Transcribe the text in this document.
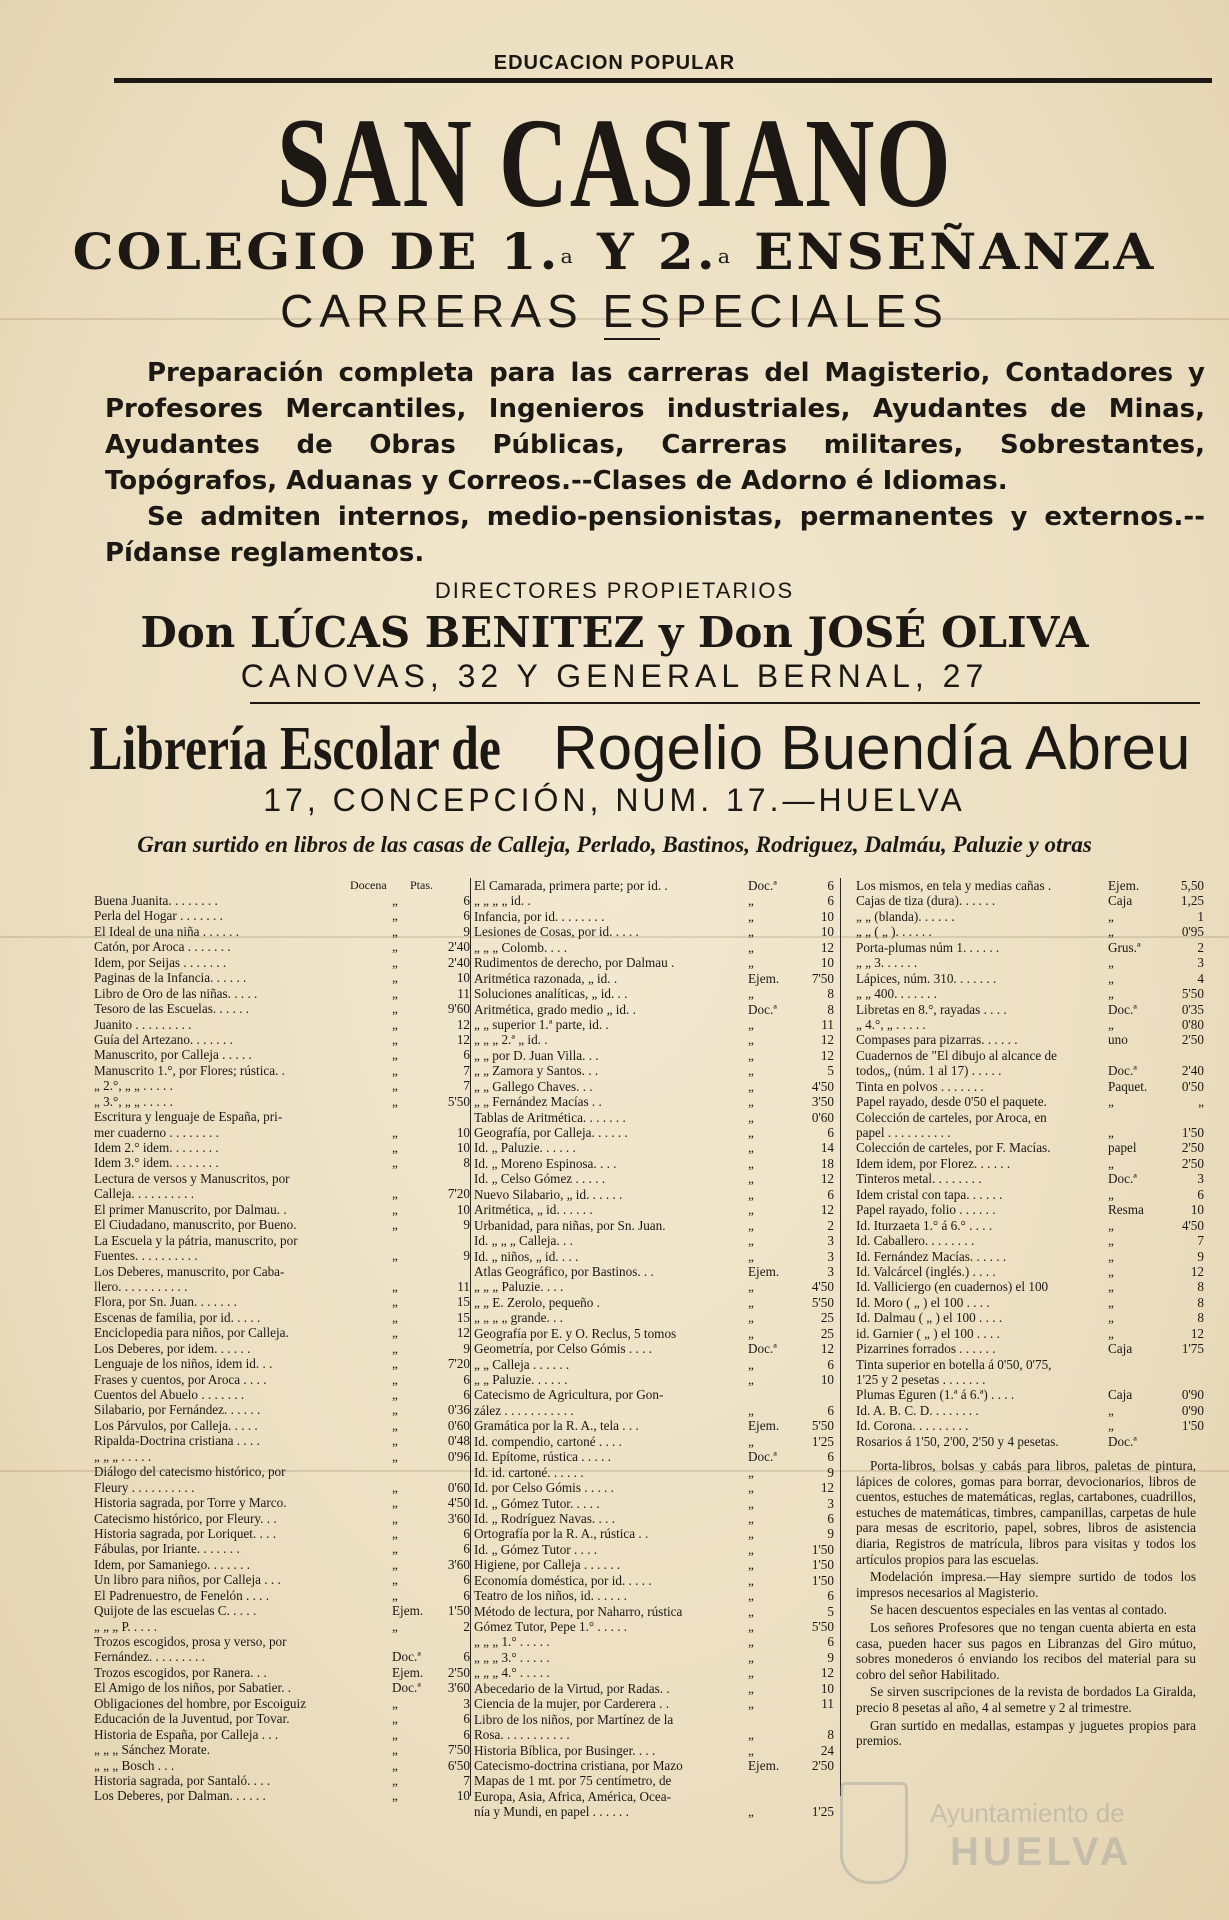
EDUCACION POPULAR
SAN CASIANO
COLEGIO DE 1.$^a$ Y 2.$^a$ ENSEÑANZA
CARRERAS ESPECIALES

Preparación completa para las carreras del Magisterio, Contadores y Profesores Mercantiles, Ingenieros industriales, Ayudantes de Minas, Ayudantes de Obras Públicas, Carreras militares, Sobrestantes, Topógrafos, Aduanas y Correos.--Clases de Adorno é Idiomas.

Se admiten internos, medio-pensionistas, permanentes y externos.--Pídanse reglamentos.

DIRECTORES PROPIETARIOS
Don LÚCAS BENITEZ y Don JOSÉ OLIVA
CANOVAS, 32 Y GENERAL BERNAL, 27
Librería Escolar deRogelio Buendía Abreu
17, CONCEPCIÓN, NUM. 17.—HUELVA
Gran surtido en libros de las casas de Calleja, Perlado, Bastinos, Rodriguez, Dalmáu, Paluzie y otras
Docena Ptas.
Buena Juanita. . . . . . . .	„	6
Perla del Hogar . . . . . . .	„	6
El Ideal de una niña . . . . . .	„	9
Catón, por Aroca . . . . . . .	„	2'40
Idem, por Seijas . . . . . . .	„	2'40
Paginas de la Infancia. . . . . .	„	10
Libro de Oro de las niñas. . . . .	„	11
Tesoro de las Escuelas. . . . . .	„	9'60
Juanito . . . . . . . . .	„	12
Guía del Artezano. . . . . . .	„	12
Manuscrito, por Calleja . . . . .	„	6
Manuscrito 1.°, por Flores; rústica. .	„	7
„ 2.°, „ „ . . . . .	„	7
„ 3.°, „ „ . . . . .	„	5'50
Escritura y lenguaje de España, pri-
mer cuaderno . . . . . . . .	„	10
Idem 2.° idem. . . . . . . .	„	10
Idem 3.° idem. . . . . . . .	„	8
Lectura de versos y Manuscritos, por
Calleja. . . . . . . . . .	„	7'20
El primer Manuscrito, por Dalmau. .	„	10
El Ciudadano, manuscrito, por Bueno.	„	9
La Escuela y la pátria, manuscrito, por
Fuentes. . . . . . . . . .	„	9
Los Deberes, manuscrito, por Caba-
llero. . . . . . . . . . .	„	11
Flora, por Sn. Juan. . . . . . .	„	15
Escenas de familia, por id. . . . .	„	15
Enciclopedia para niños, por Calleja.	„	12
Los Deberes, por idem. . . . . .	„	9
Lenguaje de los niños, idem id. . .	„	7'20
Frases y cuentos, por Aroca . . . .	„	6
Cuentos del Abuelo . . . . . . .	„	6
Silabario, por Fernández. . . . . .	„	0'36
Los Párvulos, por Calleja. . . . .	„	0'60
Ripalda-Doctrina cristiana . . . .	„	0'48
„ „ „ . . . . .	„	0'96
Diálogo del catecismo histórico, por
Fleury . . . . . . . . . .	„	0'60
Historia sagrada, por Torre y Marco.	„	4'50
Catecismo histórico, por Fleury. . .	„	3'60
Historia sagrada, por Loriquet. . . .	„	6
Fábulas, por Iriante. . . . . . .	„	6
Idem, por Samaniego. . . . . . .	„	3'60
Un libro para niños, por Calleja . . .	„	6
El Padrenuestro, de Fenelón . . . .	„	6
Quijote de las escuelas C. . . . .	Ejem.	1'50
„ „ „ P. . . . .	„	2
Trozos escogidos, prosa y verso, por
Fernández. . . . . . . . .	Doc.ª	6
Trozos escogidos, por Ranera. . .	Ejem.	2'50
El Amigo de los niños, por Sabatier. .	Doc.ª	3'60
Obligaciones del hombre, por Escoiguiz	„	3
Educación de la Juventud, por Tovar.	„	6
Historia de España, por Calleja . . .	„	6
„ „ „ Sánchez Morate.	„	7'50
„ „ „ Bosch . . .	„	6'50
Historia sagrada, por Santaló. . . .	„	7
Los Deberes, por Dalman. . . . . .	„	10
El Camarada, primera parte; por id. .	Doc.ª	6
„ „ „ „ id. .	„	6
Infancia, por id. . . . . . . .	„	10
Lesiones de Cosas, por id. . . . .	„	10
„ „ „ Colomb. . . .	„	12
Rudimentos de derecho, por Dalmau .	„	10
Aritmética razonada, „ id. .	Ejem.	7'50
Soluciones analíticas, „ id. . .	„	8
Aritmética, grado medio „ id. .	Doc.ª	8
„ „ superior 1.ª parte, id. .	„	11
„ „ „ 2.ª „ id. .	„	12
„ „ por D. Juan Villa. . .	„	12
„ „ Zamora y Santos. . .	„	5
„ „ Gallego Chaves. . .	„	4'50
„ „ Fernández Macías . .	„	3'50
Tablas de Aritmética. . . . . . .	„	0'60
Geografía, por Calleja. . . . . .	„	6
Id. „ Paluzie. . . . . .	„	14
Id. „ Moreno Espinosa. . . .	„	18
Id. „ Celso Gómez . . . . .	„	12
Nuevo Silabario, „ id. . . . . .	„	6
Aritmética, „ id. . . . . .	„	12
Urbanidad, para niñas, por Sn. Juan.	„	2
Id. „ „ „ Calleja. . .	„	3
Id. „ niños, „ id. . . .	„	3
Atlas Geográfico, por Bastinos. . .	Ejem.	3
„ „ „ Paluzie. . . .	„	4'50
„ „ E. Zerolo, pequeño .	„	5'50
„ „ „ „ grande. . .	„	25
Geografía por E. y O. Reclus, 5 tomos	„	25
Geometría, por Celso Gómis . . . .	Doc.ª	12
„ „ Calleja . . . . . .	„	6
„ „ Paluzie. . . . . .	„	10
Catecismo de Agricultura, por Gon-
zález . . . . . . . . . . .	„	6
Gramática por la R. A., tela . . .	Ejem.	5'50
Id. compendio, cartoné . . . .	„	1'25
Id. Epítome, rústica . . . . .	Doc.ª	6
Id. id. cartoné. . . . . .	„	9
Id. por Celso Gómis . . . . .	„	12
Id. „ Gómez Tutor. . . . .	„	3
Id. „ Rodríguez Navas. . . .	„	6
Ortografía por la R. A., rústica . .	„	9
Id. „ Gómez Tutor . . . .	„	1'50
Higiene, por Calleja . . . . . .	„	1'50
Economía doméstica, por id. . . . .	„	1'50
Teatro de los niños, id. . . . . .	„	6
Método de lectura, por Naharro, rústica	„	5
Gómez Tutor, Pepe 1.° . . . . .	„	5'50
„ „ „ 1.° . . . . .	„	6
„ „ „ 3.° . . . . .	„	9
„ „ „ 4.° . . . . .	„	12
Abecedario de la Virtud, por Radas. .	„	10
Ciencia de la mujer, por Carderera . .	„	11
Libro de los niños, por Martínez de la
Rosa. . . . . . . . . . .	„	8
Historia Bíblica, por Businger. . . .	„	24
Catecismo-doctrina cristiana, por Mazo	Ejem.	2'50
Mapas de 1 mt. por 75 centímetro, de
Europa, Asia, Africa, América, Ocea-
nía y Mundi, en papel . . . . . .	„	1'25
Los mismos, en tela y medias cañas .	Ejem.	5,50
Cajas de tiza (dura). . . . . .	Caja	1,25
„ „ (blanda). . . . . .	„	1
„ „ ( „ ). . . . . .	„	0'95
Porta-plumas núm 1. . . . . .	Grus.ª	2
„ „ 3. . . . . .	„	3
Lápices, núm. 310. . . . . . .	„	4
„ „ 400. . . . . . .	„	5'50
Libretas en 8.°, rayadas . . . .	Doc.ª	0'35
„ 4.°, „ . . . . .	„	0'80
Compases para pizarras. . . . . .	uno	2'50
Cuadernos de "El dibujo al alcance de
todos„ (núm. 1 al 17) . . . . .	Doc.ª	2'40
Tinta en polvos . . . . . . .	Paquet.	0'50
Papel rayado, desde 0'50 el paquete.	„	„
Colección de carteles, por Aroca, en
papel . . . . . . . . . .	„	1'50
Colección de carteles, por F. Macías.	papel	2'50
Idem idem, por Florez. . . . . .	„	2'50
Tinteros metal. . . . . . . .	Doc.ª	3
Idem cristal con tapa. . . . . .	„	6
Papel rayado, folio . . . . . .	Resma	10
Id. Iturzaeta 1.° á 6.° . . . .	„	4'50
Id. Caballero. . . . . . . .	„	7
Id. Fernández Macías. . . . . .	„	9
Id. Valcárcel (inglés.) . . . .	„	12
Id. Valliciergo (en cuadernos) el 100	„	8
Id. Moro ( „ ) el 100 . . . .	„	8
Id. Dalmau ( „ ) el 100 . . . .	„	8
id. Garnier ( „ ) el 100 . . . .	„	12
Pizarrines forrados . . . . . .	Caja	1'75
Tinta superior en botella á 0'50, 0'75,
1'25 y 2 pesetas . . . . . . .
Plumas Eguren (1.ª á 6.ª) . . . .	Caja	0'90
Id. A. B. C. D. . . . . . . .	„	0'90
Id. Corona. . . . . . . . .	„	1'50
Rosarios á 1'50, 2'00, 2'50 y 4 pesetas.	Doc.ª

Porta-libros, bolsas y cabás para libros, paletas de pintura, lápices de colores, gomas para borrar, devocionarios, libros de cuentos, estuches de matemáticas, reglas, cartabones, cuadrillos, estuches de matemáticas, timbres, campanillas, carpetas de hule para mesas de escritorio, papel, sobres, libros de asistencia diaria, Registros de matrícula, libros para visitas y todos los artículos propios para las escuelas.

Modelación impresa.—Hay siempre surtido de todos los impresos necesarios al Magisterio.

Se hacen descuentos especiales en las ventas al contado.

Los señores Profesores que no tengan cuenta abierta en esta casa, pueden hacer sus pagos en Libranzas del Giro mútuo, sobres monederos ó enviando los recibos del material para su cobro del señor Habilitado.

Se sirven suscripciones de la revista de bordados La Giralda, precio 8 pesetas al año, 4 al semetre y 2 al trimestre.

Gran surtido en medallas, estampas y juguetes propios para premios.

Ayuntamiento de
HUELVA
